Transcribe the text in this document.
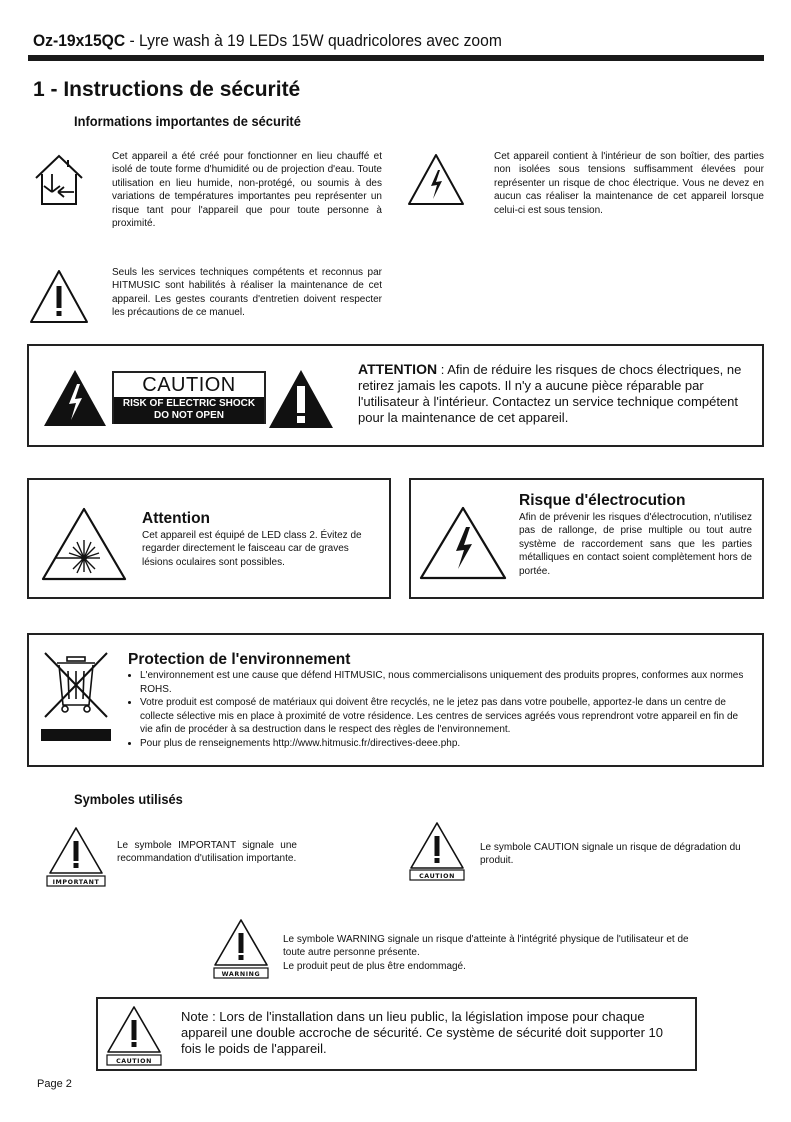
Oz-19x15QC - Lyre wash à 19 LEDs 15W quadricolores avec zoom
1 - Instructions de sécurité
Informations importantes de sécurité
Cet appareil a été créé pour fonctionner en lieu chauffé et isolé de toute forme d'humidité ou de projection d'eau. Toute utilisation en lieu humide, non-protégé, ou soumis à des variations de températures importantes peu représenter un risque tant pour l'appareil que pour toute personne à proximité.
Cet appareil contient à l'intérieur de son boîtier, des parties non isolées sous tensions suffisamment élevées pour représenter un risque de choc électrique. Vous ne devez en aucun cas réaliser la maintenance de cet appareil lorsque celui-ci est sous tension.
Seuls les services techniques compétents et reconnus par HITMUSIC sont habilités à réaliser la maintenance de cet appareil. Les gestes courants d'entretien doivent respecter les précautions de ce manuel.
CAUTION
RISK OF ELECTRIC SHOCK
DO NOT OPEN
ATTENTION : Afin de réduire les risques de chocs électriques, ne retirez jamais les capots. Il n'y a aucune pièce réparable par l'utilisateur à l'intérieur. Contactez un service technique compétent pour la maintenance de cet appareil.
Attention
Cet appareil est équipé de LED class 2. Évitez de regarder directement le faisceau car de graves lésions oculaires sont possibles.
Risque d'électrocution
Afin de prévenir les risques d'électrocution, n'utilisez pas de rallonge, de prise multiple ou tout autre système de raccordement sans que les parties métalliques en contact soient complètement hors de portée.
Protection de l'environnement
• L'environnement est une cause que défend HITMUSIC, nous commercialisons uniquement des produits propres, conformes aux normes ROHS.
• Votre produit est composé de matériaux qui doivent être recyclés, ne le jetez pas dans votre poubelle, apportez-le dans un centre de collecte sélective mis en place à proximité de votre résidence. Les centres de services agréés vous reprendront votre appareil en fin de vie afin de procéder à sa destruction dans le respect des règles de l'environnement.
• Pour plus de renseignements http://www.hitmusic.fr/directives-deee.php.
Symboles utilisés
IMPORTANT
Le symbole IMPORTANT signale une recommandation d'utilisation importante.
CAUTION
Le symbole CAUTION signale un risque de dégradation du produit.
WARNING
Le symbole WARNING signale un risque d'atteinte à l'intégrité physique de l'utilisateur et de toute autre personne présente.
Le produit peut de plus être endommagé.
CAUTION
Note : Lors de l'installation dans un lieu public, la législation impose pour chaque appareil une double accroche de sécurité. Ce système de sécurité doit supporter 10 fois le poids de l'appareil.
Page 2
